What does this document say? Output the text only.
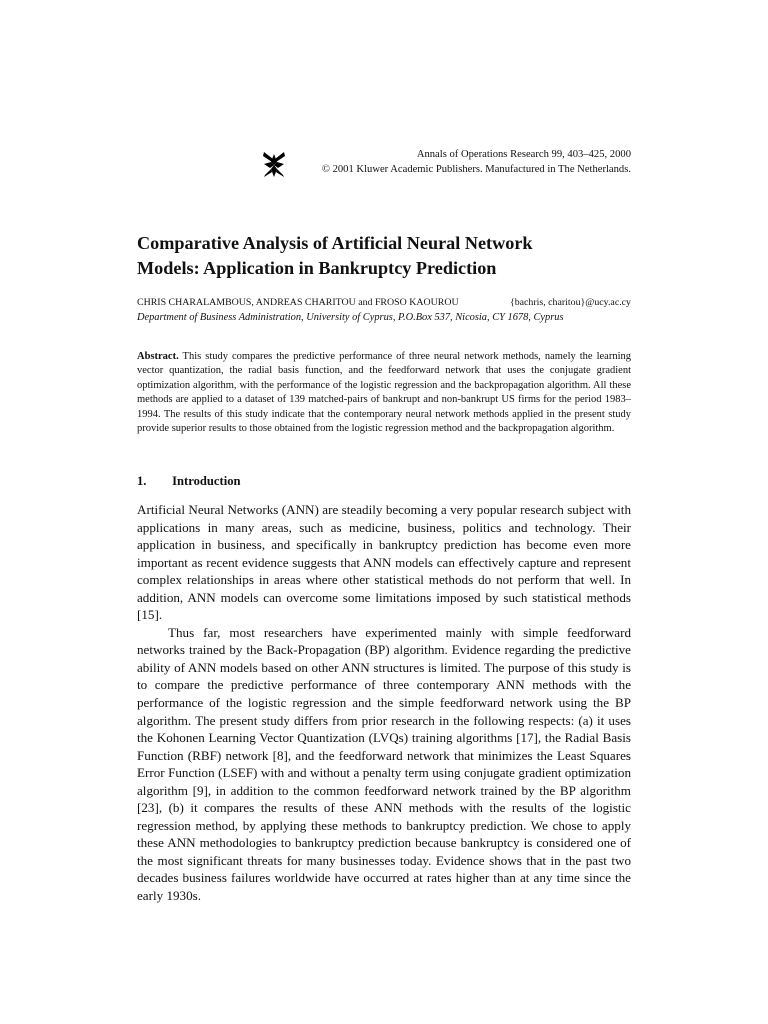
Annals of Operations Research 99, 403–425, 2000
© 2001 Kluwer Academic Publishers. Manufactured in The Netherlands.
Comparative Analysis of Artificial Neural Network
Models: Application in Bankruptcy Prediction
CHRIS CHARALAMBOUS, ANDREAS CHARITOU and FROSO KAOUROU	{bachris, charitou}@ucy.ac.cy
Department of Business Administration, University of Cyprus, P.O.Box 537, Nicosia, CY 1678, Cyprus
Abstract. This study compares the predictive performance of three neural network methods, namely the learning vector quantization, the radial basis function, and the feedforward network that uses the conjugate gradient optimization algorithm, with the performance of the logistic regression and the backpropagation algorithm. All these methods are applied to a dataset of 139 matched-pairs of bankrupt and non-bankrupt US firms for the period 1983–1994. The results of this study indicate that the contemporary neural network methods applied in the present study provide superior results to those obtained from the logistic regression method and the backpropagation algorithm.
1. Introduction

Artificial Neural Networks (ANN) are steadily becoming a very popular research subject with applications in many areas, such as medicine, business, politics and technology. Their application in business, and specifically in bankruptcy prediction has become even more important as recent evidence suggests that ANN models can effectively capture and represent complex relationships in areas where other statistical methods do not perform that well. In addition, ANN models can overcome some limitations imposed by such statistical methods [15].

Thus far, most researchers have experimented mainly with simple feedforward networks trained by the Back-Propagation (BP) algorithm. Evidence regarding the predictive ability of ANN models based on other ANN structures is limited. The purpose of this study is to compare the predictive performance of three contemporary ANN methods with the performance of the logistic regression and the simple feedforward network using the BP algorithm. The present study differs from prior research in the following respects: (a) it uses the Kohonen Learning Vector Quantization (LVQs) training algorithms [17], the Radial Basis Function (RBF) network [8], and the feedforward network that minimizes the Least Squares Error Function (LSEF) with and without a penalty term using conjugate gradient optimization algorithm [9], in addition to the common feedforward network trained by the BP algorithm [23], (b) it compares the results of these ANN methods with the results of the logistic regression method, by applying these methods to bankruptcy prediction. We chose to apply these ANN methodologies to bankruptcy prediction because bankruptcy is considered one of the most significant threats for many businesses today. Evidence shows that in the past two decades business failures worldwide have occurred at rates higher than at any time since the early 1930s.
